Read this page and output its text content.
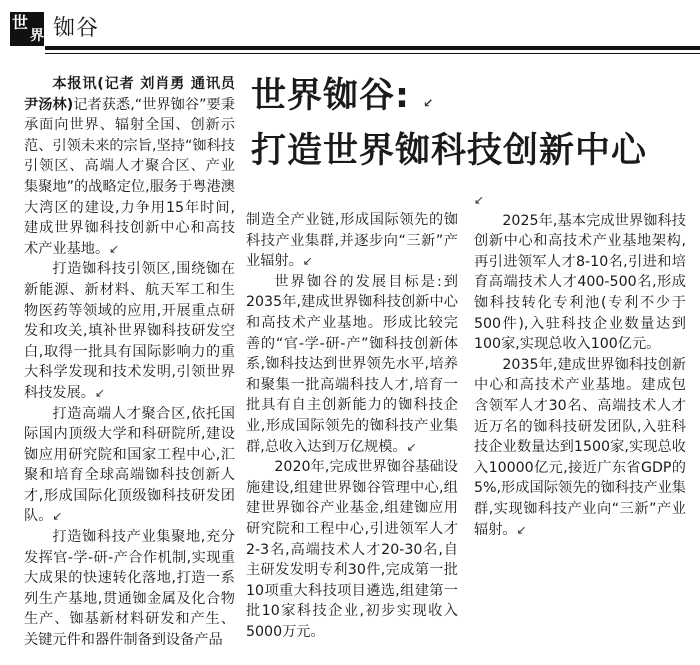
世
界 铷谷
世界铷谷: ↙
打造世界铷科技创新中心

本报讯(记者 刘肖勇 通讯员 尹汤林)记者获悉,“世界铷谷”要秉承面向世界、辐射全国、创新示范、引领未来的宗旨,坚持“铷科技引领区、高端人才聚合区、产业集聚地”的战略定位,服务于粤港澳大湾区的建设,力争用15年时间,建成世界铷科技创新中心和高技术产业基地。↙

打造铷科技引领区,围绕铷在新能源、新材料、航天军工和生物医药等领域的应用,开展重点研发和攻关,填补世界铷科技研发空白,取得一批具有国际影响力的重大科学发现和技术发明,引领世界科技发展。↙

打造高端人才聚合区,依托国际国内顶级大学和科研院所,建设铷应用研究院和国家工程中心,汇聚和培育全球高端铷科技创新人才,形成国际化顶级铷科技研发团队。↙

打造铷科技产业集聚地,充分发挥官-学-研-产合作机制,实现重大成果的快速转化落地,打造一系列生产基地,贯通铷金属及化合物生产、铷基新材料研发和产生、关键元件和器件制备到设备产品

制造全产业链,形成国际领先的铷科技产业集群,并逐步向“三新”产业辐射。↙

世界铷谷的发展目标是:到2035年,建成世界铷科技创新中心和高技术产业基地。形成比较完善的“官-学-研-产”铷科技创新体系,铷科技达到世界领先水平,培养和聚集一批高端科技人才,培育一批具有自主创新能力的铷科技企业,形成国际领先的铷科技产业集群,总收入达到万亿规模。↙

2020年,完成世界铷谷基础设施建设,组建世界铷谷管理中心,组建世界铷谷产业基金,组建铷应用研究院和工程中心,引进领军人才2-3名,高端技术人才20-30名,自主研发发明专利30件,完成第一批10项重大科技项目遴选,组建第一批10家科技企业,初步实现收入5000万元。

↙

2025年,基本完成世界铷科技创新中心和高技术产业基地架构,再引进领军人才8-10名,引进和培育高端技术人才400-500名,形成铷科技转化专利池(专利不少于500件),入驻科技企业数量达到100家,实现总收入100亿元。

2035年,建成世界铷科技创新中心和高技术产业基地。建成包含领军人才30名、高端技术人才近万名的铷科技研发团队,入驻科技企业数量达到1500家,实现总收入10000亿元,接近广东省GDP的5%,形成国际领先的铷科技产业集群,实现铷科技产业向“三新”产业辐射。↙
